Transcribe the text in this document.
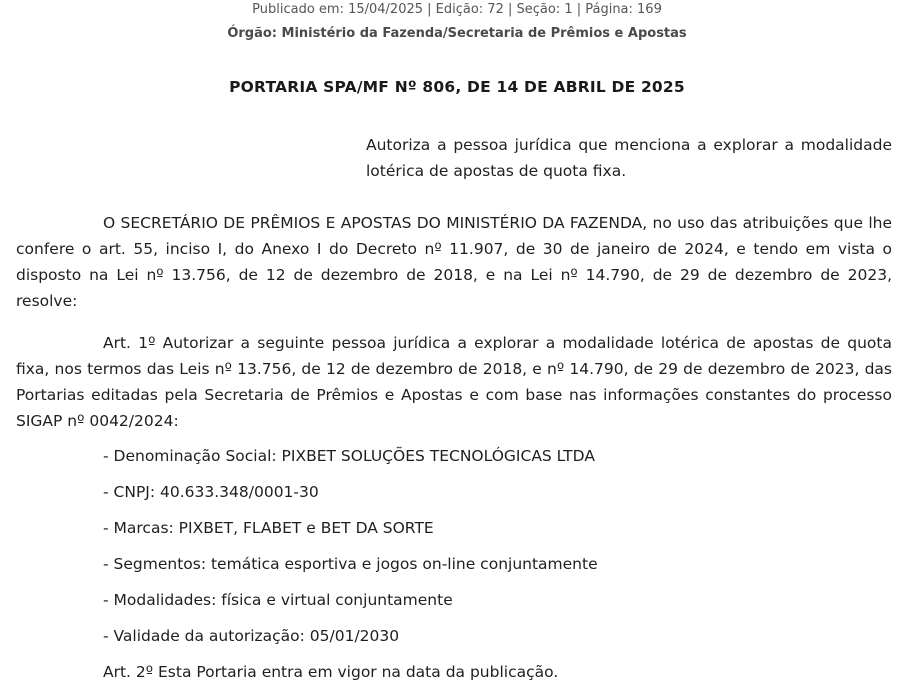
Publicado em: 15/04/2025 | Edição: 72 | Seção: 1 | Página: 169
Órgão: Ministério da Fazenda/Secretaria de Prêmios e Apostas
PORTARIA SPA/MF Nº 806, DE 14 DE ABRIL DE 2025
Autoriza a pessoa jurídica que menciona a explorar a modalidade lotérica de apostas de quota fixa.
O SECRETÁRIO DE PRÊMIOS E APOSTAS DO MINISTÉRIO DA FAZENDA, no uso das atribuições que lhe confere o art. 55, inciso I, do Anexo I do Decreto nº 11.907, de 30 de janeiro de 2024, e tendo em vista o disposto na Lei nº 13.756, de 12 de dezembro de 2018, e na Lei nº 14.790, de 29 de dezembro de 2023, resolve:
Art. 1º Autorizar a seguinte pessoa jurídica a explorar a modalidade lotérica de apostas de quota fixa, nos termos das Leis nº 13.756, de 12 de dezembro de 2018, e nº 14.790, de 29 de dezembro de 2023, das Portarias editadas pela Secretaria de Prêmios e Apostas e com base nas informações constantes do processo SIGAP nº 0042/2024:
- Denominação Social: PIXBET SOLUÇÕES TECNOLÓGICAS LTDA
- CNPJ: 40.633.348/0001-30
- Marcas: PIXBET, FLABET e BET DA SORTE
- Segmentos: temática esportiva e jogos on-line conjuntamente
- Modalidades: física e virtual conjuntamente
- Validade da autorização: 05/01/2030
Art. 2º Esta Portaria entra em vigor na data da publicação.
